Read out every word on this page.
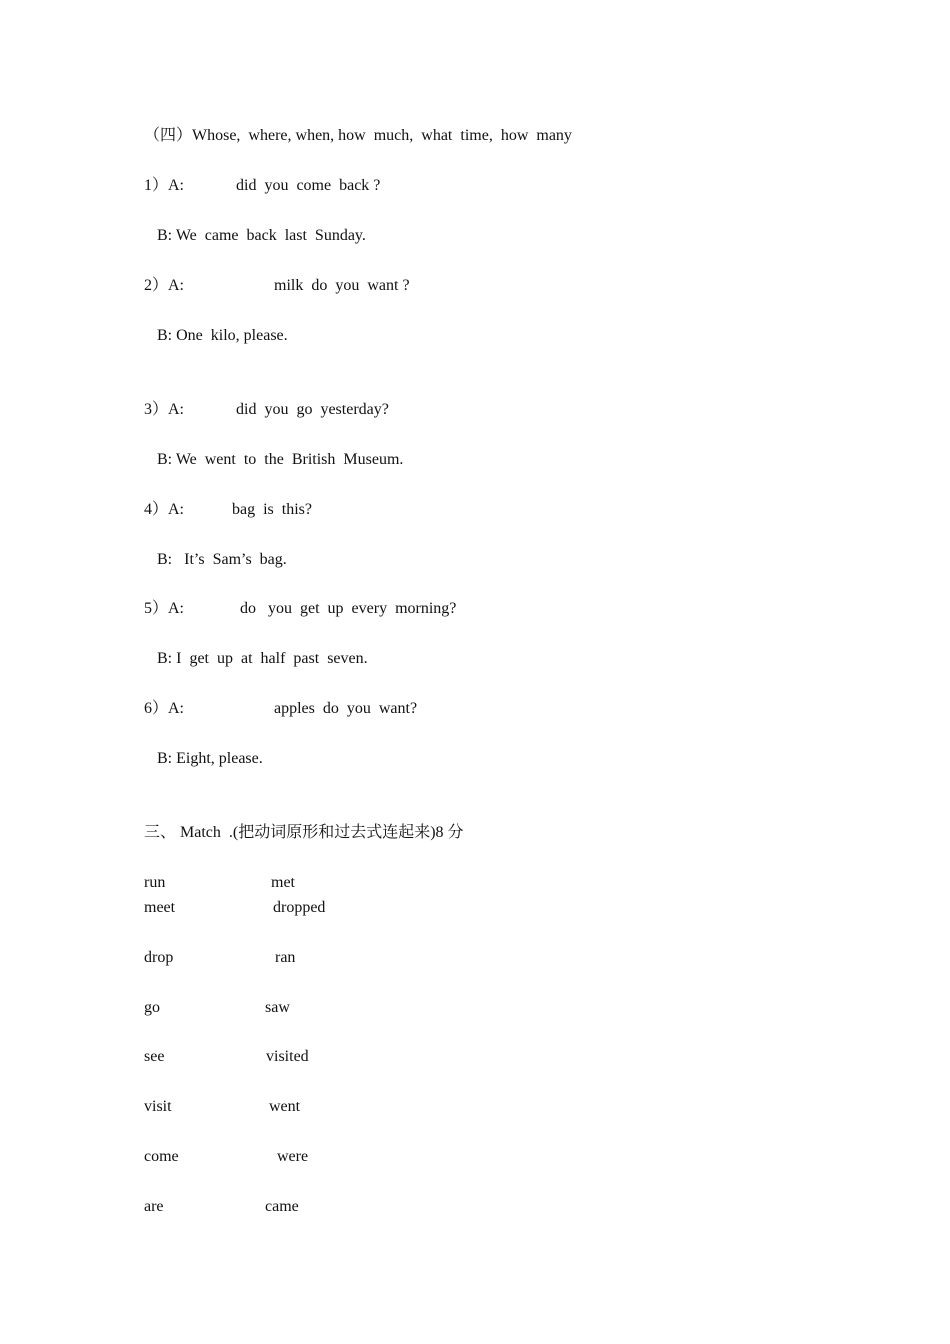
（四）Whose,  where, when, how  much,  what  time,  how  many
1）A:	did  you  come  back ?
B: We  came  back  last  Sunday.
2）A:	milk  do  you  want ?
B: One  kilo, please.
3）A:	did  you  go  yesterday?
B: We  went  to  the  British  Museum.
4）A:	bag  is  this?
B:   It’s  Sam’s  bag.
5）A:	do   you  get  up  every  morning?
B: I  get  up  at  half  past  seven.
6）A:	apples  do  you  want?
B: Eight, please.
三、 Match  .(把动词原形和过去式连起来)8 分
run	met
meet	dropped
drop	ran
go	saw
see	visited
visit	went
come	were
are	came
